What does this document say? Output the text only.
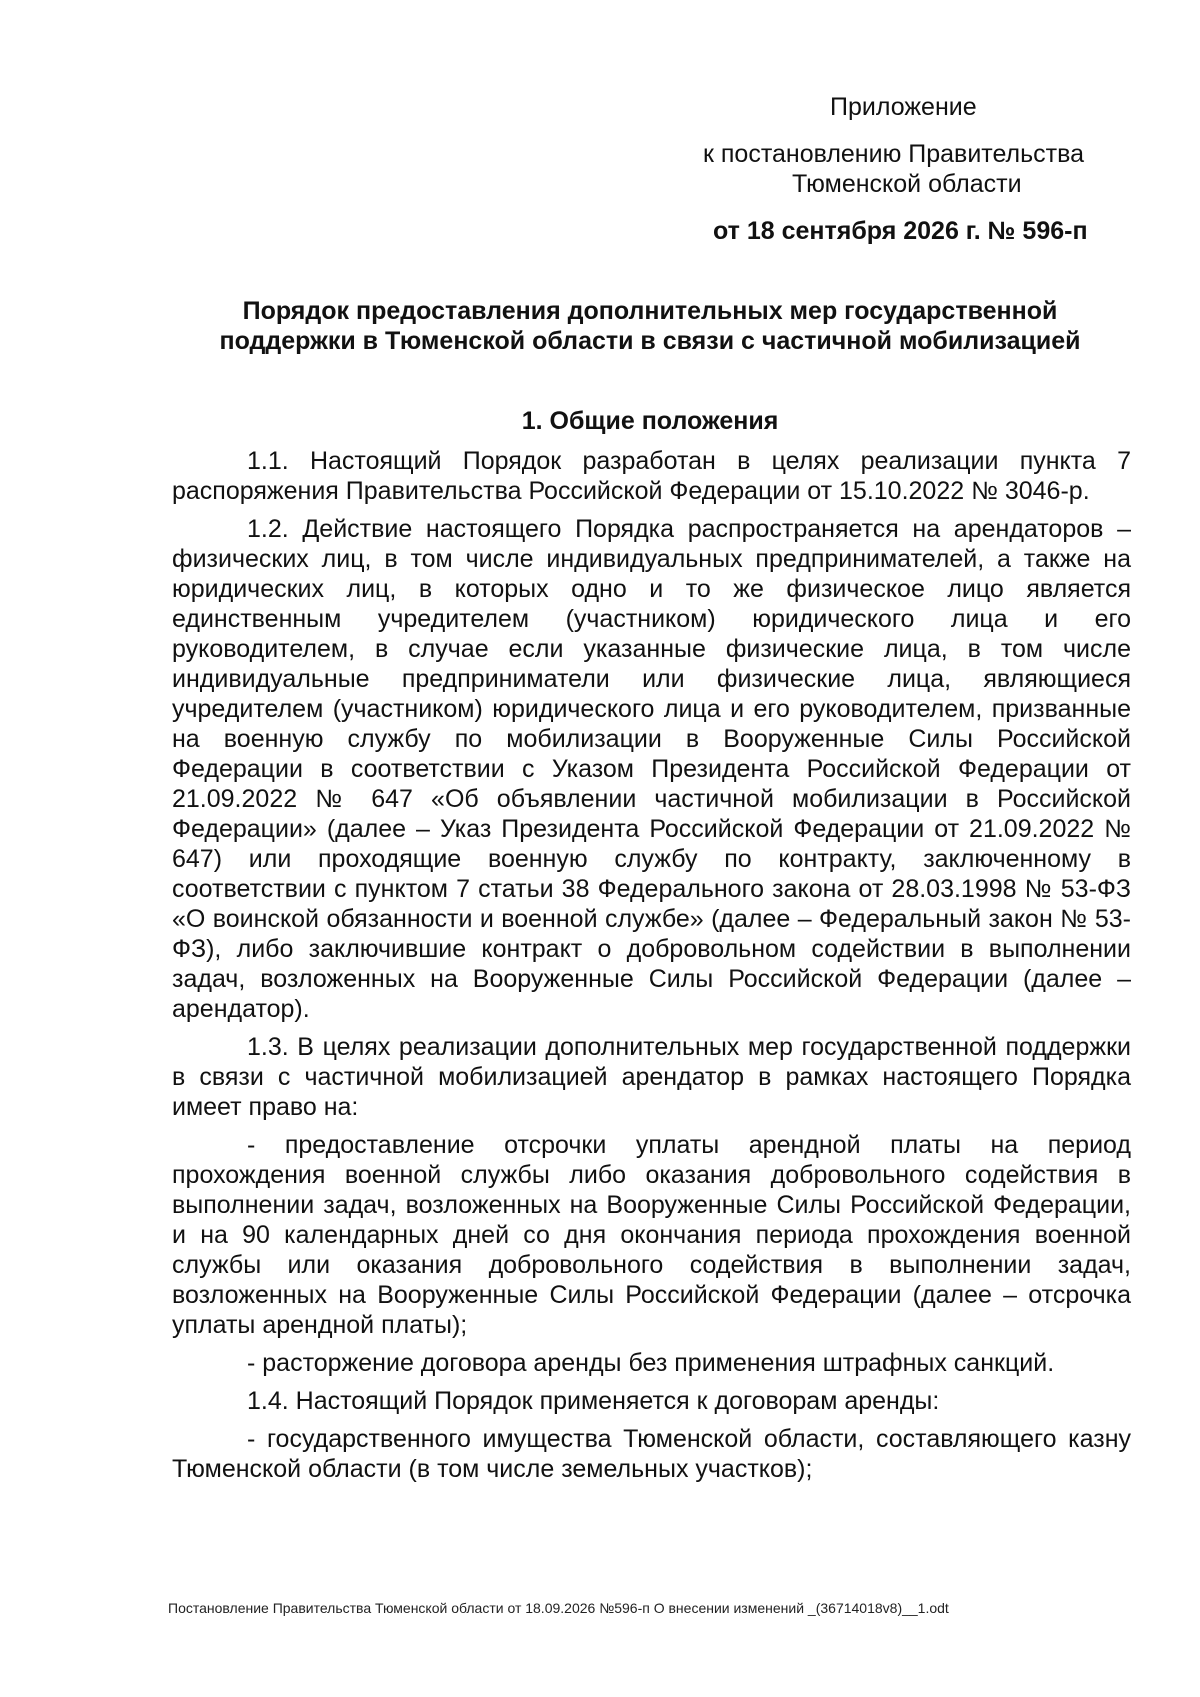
Приложение
к постановлению Правительства
Тюменской области
от 18 сентября 2026 г. № 596-п
Порядок предоставления дополнительных мер государственной
поддержки в Тюменской области в связи с частичной мобилизацией
1. Общие положения

1.1. Настоящий Порядок разработан в целях реализации пункта 7 распоряжения Правительства Российской Федерации от 15.10.2022 № 3046-р.

1.2. Действие настоящего Порядка распространяется на арендаторов – физических лиц, в том числе индивидуальных предпринимателей, а также на юридических лиц, в которых одно и то же физическое лицо является единственным учредителем (участником) юридического лица и его руководителем, в случае если указанные физические лица, в том числе индивидуальные предприниматели или физические лица, являющиеся учредителем (участником) юридического лица и его руководителем, призванные на военную службу по мобилизации в Вооруженные Силы Российской Федерации в соответствии с Указом Президента Российской Федерации от 21.09.2022 № 647 «Об объявлении частичной мобилизации в Российской Федерации» (далее – Указ Президента Российской Федерации от 21.09.2022 № 647) или проходящие военную службу по контракту, заключенному в соответствии с пунктом 7 статьи 38 Федерального закона от 28.03.1998 № 53-ФЗ «О воинской обязанности и военной службе» (далее – Федеральный закон № 53-ФЗ), либо заключившие контракт о добровольном содействии в выполнении задач, возложенных на Вооруженные Силы Российской Федерации (далее – арендатор).

1.3. В целях реализации дополнительных мер государственной поддержки в связи с частичной мобилизацией арендатор в рамках настоящего Порядка имеет право на:

- предоставление отсрочки уплаты арендной платы на период прохождения военной службы либо оказания добровольного содействия в выполнении задач, возложенных на Вооруженные Силы Российской Федерации, и на 90 календарных дней со дня окончания периода прохождения военной службы или оказания добровольного содействия в выполнении задач, возложенных на Вооруженные Силы Российской Федерации (далее – отсрочка уплаты арендной платы);

- расторжение договора аренды без применения штрафных санкций.

1.4. Настоящий Порядок применяется к договорам аренды:

- государственного имущества Тюменской области, составляющего казну Тюменской области (в том числе земельных участков);

Постановление Правительства Тюменской области от 18.09.2026 №596-п О внесении изменений _(36714018v8)__1.odt
